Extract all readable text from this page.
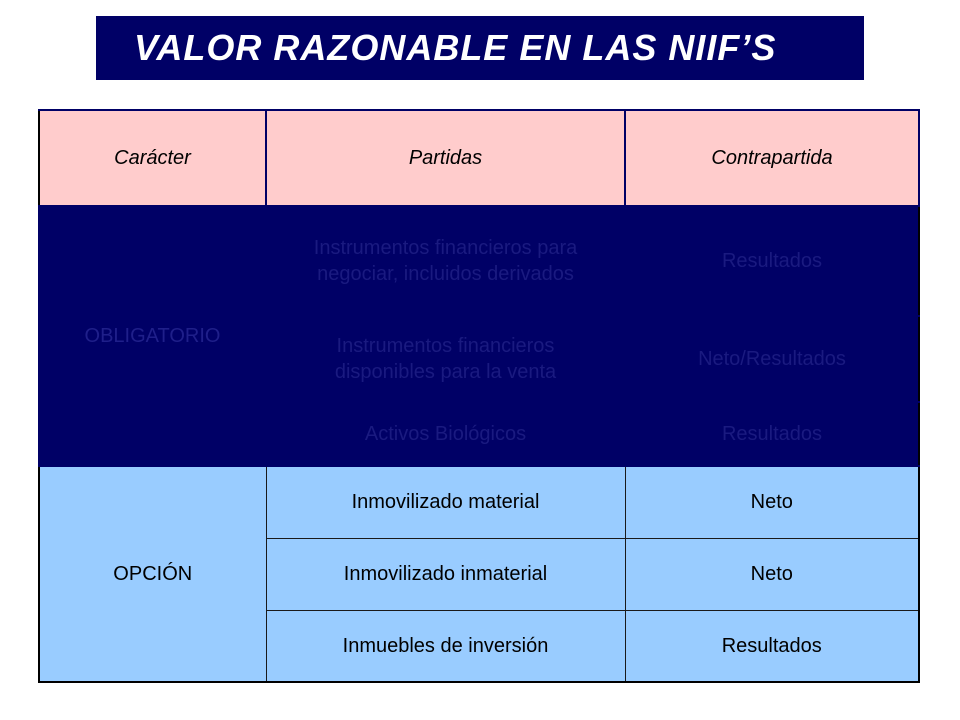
VALOR RAZONABLE EN LAS NIIF’S
Carácter	Partidas	Contrapartida
OBLIGATORIO	Instrumentos financieros para negociar, incluidos derivados	Resultados
	Instrumentos financieros disponibles para la venta	Neto/Resultados
	Activos Biológicos	Resultados
OPCIÓN	Inmovilizado material	Neto
	Inmovilizado inmaterial	Neto
	Inmuebles de inversión	Resultados
